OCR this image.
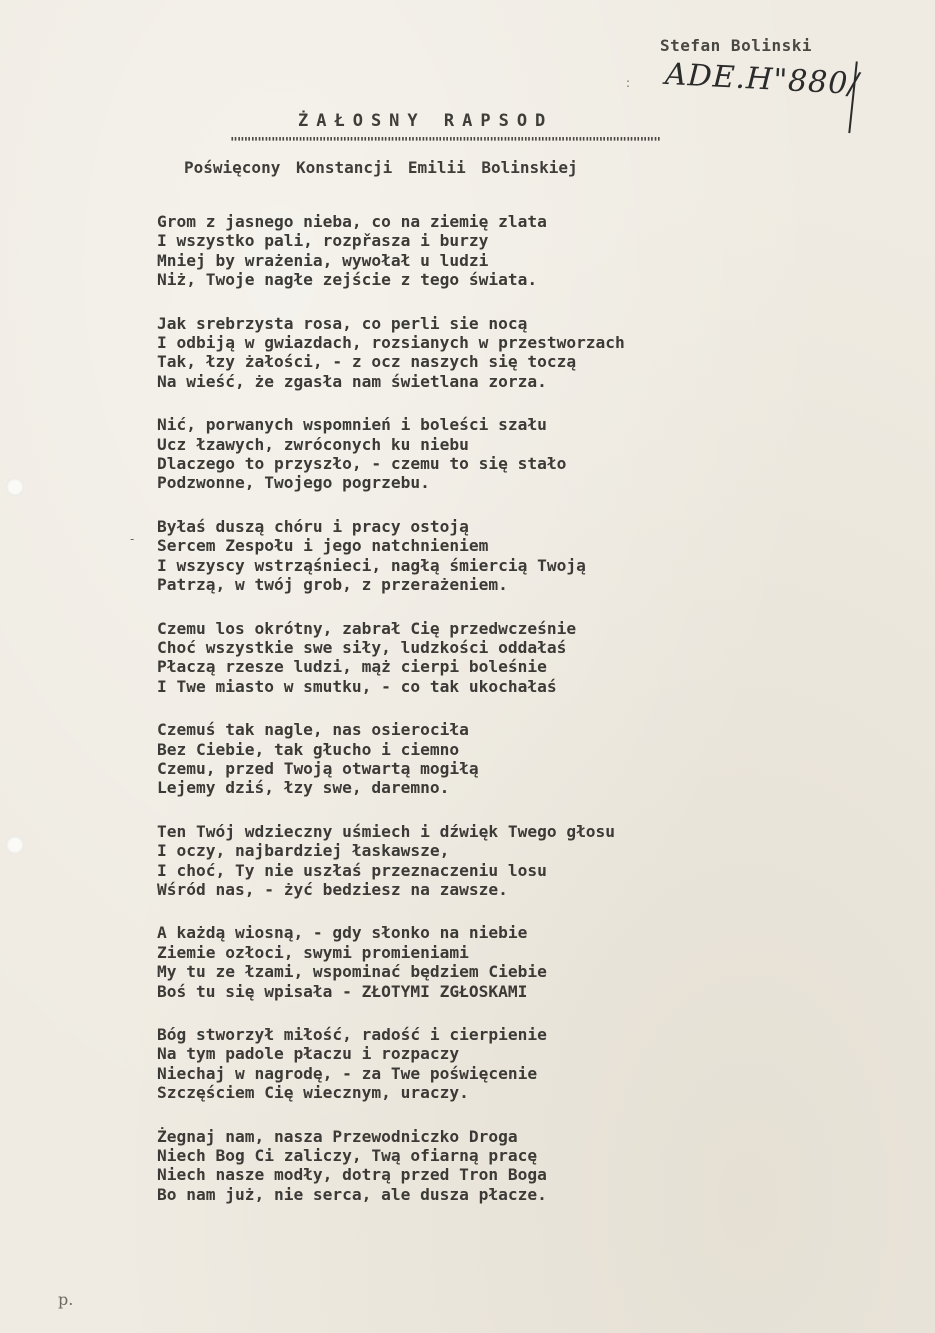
Stefan Bolinski
ADE.H"880/
ŻAŁOSNY RAPSOD
"""""""""""""""""""""""""""""""""""""""""""""""""""""""""""""""
Poświęcony Konstancji Emilii Bolinskiej
Grom z jasnego nieba, co na ziemię zlata
I wszystko pali, rozpřasza i burzy
Mniej by wrażenia, wywołał u ludzi
Niż, Twoje nagłe zejście z tego świata.
Jak srebrzysta rosa, co perli sie nocą
I odbiją w gwiazdach, rozsianych w przestworzach
Tak, łzy żałości, - z ocz naszych się toczą
Na wieść, że zgasła nam świetlana zorza.
Nić, porwanych wspomnień i boleści szału
Ucz łzawych, zwróconych ku niebu
Dlaczego to przyszło, - czemu to się stało
Podzwonne, Twojego pogrzebu.
Byłaś duszą chóru i pracy ostoją
Sercem Zespołu i jego natchnieniem
I wszyscy wstrząśnieci, nagłą śmiercią Twoją
Patrzą, w twój grob, z przerażeniem.
Czemu los okrótny, zabrał Cię przedwcześnie
Choć wszystkie swe siły, ludzkości oddałaś
Płaczą rzesze ludzi, mąż cierpi boleśnie
I Twe miasto w smutku, - co tak ukochałaś
Czemuś tak nagle, nas osierociła
Bez Ciebie, tak głucho i ciemno
Czemu, przed Twoją otwartą mogiłą
Lejemy dziś, łzy swe, daremno.
Ten Twój wdzieczny uśmiech i dźwięk Twego głosu
I oczy, najbardziej łaskawsze,
I choć, Ty nie uszłaś przeznaczeniu losu
Wśród nas, - żyć bedziesz na zawsze.
A każdą wiosną, - gdy słonko na niebie
Ziemie ozłoci, swymi promieniami
My tu ze łzami, wspominać będziem Ciebie
Boś tu się wpisała - ZŁOTYMI ZGŁOSKAMI
Bóg stworzył miłość, radość i cierpienie
Na tym padole płaczu i rozpaczy
Niechaj w nagrodę, - za Twe poświęcenie
Szczęściem Cię wiecznym, uraczy.
Żegnaj nam, nasza Przewodniczko Droga
Niech Bog Ci zaliczy, Twą ofiarną pracę
Niech nasze modły, dotrą przed Tron Boga
Bo nam już, nie serca, ale dusza płacze.
p.
:
-
